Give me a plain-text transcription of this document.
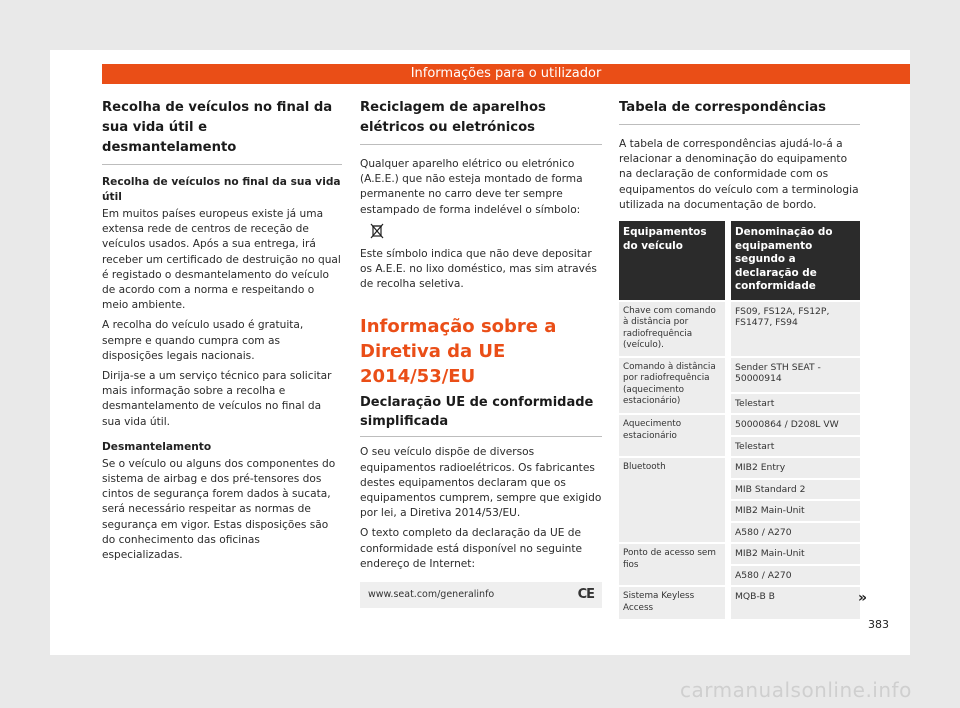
Informações para o utilizador
Recolha de veículos no final da sua vida útil e desmantelamento
Recolha de veículos no final da sua vida útil

Em muitos países europeus existe já uma extensa rede de centros de receção de veículos usados. Após a sua entrega, irá receber um certificado de destruição no qual é registado o desmantelamento do veículo de acordo com a norma e respeitando o meio ambiente.

A recolha do veículo usado é gratuita, sempre e quando cumpra com as disposições legais nacionais.

Dirija-se a um serviço técnico para solicitar mais informação sobre a recolha e desmantelamento de veículos no final da sua vida útil.

Desmantelamento

Se o veículo ou alguns dos componentes do sistema de airbag e dos pré-tensores dos cintos de segurança forem dados à sucata, será necessário respeitar as normas de segurança em vigor. Estas disposições são do conhecimento das oficinas especializadas.

Reciclagem de aparelhos elétricos ou eletrónicos

Qualquer aparelho elétrico ou eletrónico (A.E.E.) que não esteja montado de forma permanente no carro deve ter sempre estampado de forma indelével o símbolo:

Este símbolo indica que não deve depositar os A.E.E. no lixo doméstico, mas sim através de recolha seletiva.

Informação sobre a Diretiva da UE 2014/53/EU
Declaração UE de conformidade simplificada

O seu veículo dispõe de diversos equipamentos radioelétricos. Os fabricantes destes equipamentos declaram que os equipamentos cumprem, sempre que exigido por lei, a Diretiva 2014/53/EU.

O texto completo da declaração da UE de conformidade está disponível no seguinte endereço de Internet:

www.seat.com/generalinfo	CE
Tabela de correspondências

A tabela de correspondências ajudá-lo-á a relacionar a denominação do equipamento na declaração de conformidade com os equipamentos do veículo com a terminologia utilizada na documentação de bordo.

Equipamentos do veículo	Denominação do equipamento segundo a declaração de conformidade
Chave com comando à distância por radiofrequência (veículo).	FS09, FS12A, FS12P, FS1477, FS94
Comando à distância por radiofrequência (aquecimento estacionário)	Sender STH SEAT - 50000914
	Telestart
Aquecimento estacionário	50000864 / D208L VW
	Telestart
Bluetooth	MIB2 Entry
	MIB Standard 2
	MIB2 Main-Unit
	A580 / A270
Ponto de acesso sem fios	MIB2 Main-Unit
	A580 / A270
Sistema Keyless Access	MQB-B B	»
383
carmanualsonline.info
